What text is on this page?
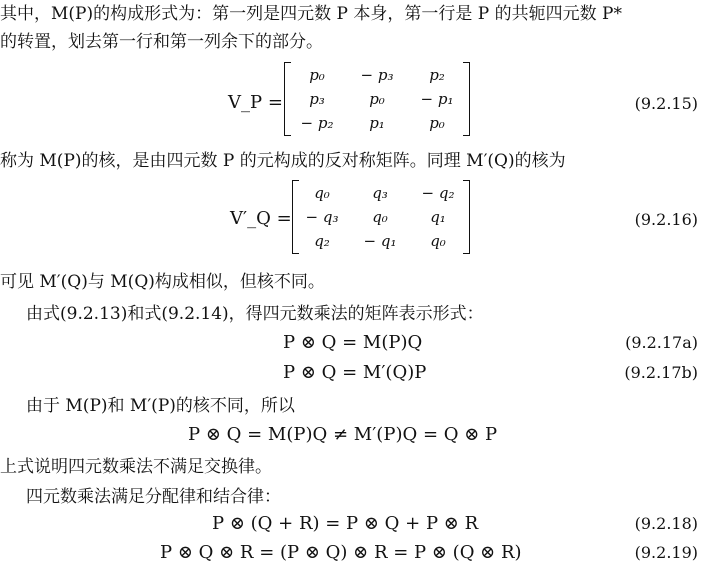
其中，M(P)的构成形式为：第一列是四元数 P 本身，第一行是 P 的共轭四元数 P*
的转置，划去第一行和第一列余下的部分。
V_P =
p₀	− p₃	p₂
p₃	p₀	− p₁
− p₂	p₁	p₀
(9.2.15)
称为 M(P)的核，是由四元数 P 的元构成的反对称矩阵。同理 M′(Q)的核为
V′_Q =
q₀	q₃	− q₂
− q₃	q₀	q₁
q₂	− q₁	q₀
(9.2.16)
可见 M′(Q)与 M(Q)构成相似，但核不同。
由式(9.2.13)和式(9.2.14)，得四元数乘法的矩阵表示形式：
P ⊗ Q = M(P)Q	(9.2.17a)
P ⊗ Q = M′(Q)P	(9.2.17b)
由于 M(P)和 M′(P)的核不同，所以
P ⊗ Q = M(P)Q ≠ M′(P)Q = Q ⊗ P
上式说明四元数乘法不满足交换律。
四元数乘法满足分配律和结合律：
P ⊗ (Q + R) = P ⊗ Q + P ⊗ R	(9.2.18)
P ⊗ Q ⊗ R = (P ⊗ Q) ⊗ R = P ⊗ (Q ⊗ R)	(9.2.19)
